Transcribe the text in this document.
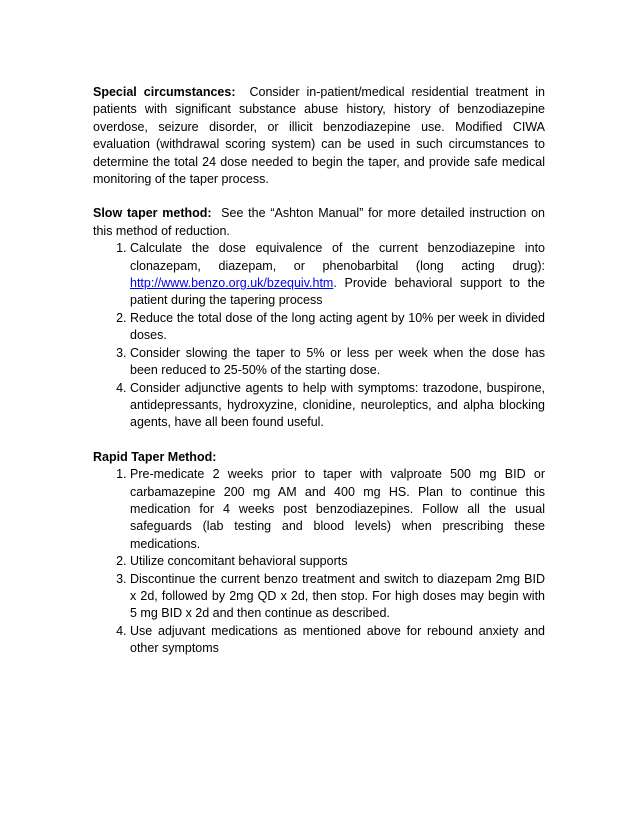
Special circumstances: Consider in-patient/medical residential treatment in patients with significant substance abuse history, history of benzodiazepine overdose, seizure disorder, or illicit benzodiazepine use. Modified CIWA evaluation (withdrawal scoring system) can be used in such circumstances to determine the total 24 dose needed to begin the taper, and provide safe medical monitoring of the taper process.

Slow taper method: See the “Ashton Manual” for more detailed instruction on this method of reduction.

1. Calculate the dose equivalence of the current benzodiazepine into clonazepam, diazepam, or phenobarbital (long acting drug): http://www.benzo.org.uk/bzequiv.htm. Provide behavioral support to the patient during the tapering process
2. Reduce the total dose of the long acting agent by 10% per week in divided doses.
3. Consider slowing the taper to 5% or less per week when the dose has been reduced to 25-50% of the starting dose.
4. Consider adjunctive agents to help with symptoms: trazodone, buspirone, antidepressants, hydroxyzine, clonidine, neuroleptics, and alpha blocking agents, have all been found useful.

Rapid Taper Method:

1. Pre-medicate 2 weeks prior to taper with valproate 500 mg BID or carbamazepine 200 mg AM and 400 mg HS. Plan to continue this medication for 4 weeks post benzodiazepines. Follow all the usual safeguards (lab testing and blood levels) when prescribing these medications.
2. Utilize concomitant behavioral supports
3. Discontinue the current benzo treatment and switch to diazepam 2mg BID x 2d, followed by 2mg QD x 2d, then stop. For high doses may begin with 5 mg BID x 2d and then continue as described.
4. Use adjuvant medications as mentioned above for rebound anxiety and other symptoms
